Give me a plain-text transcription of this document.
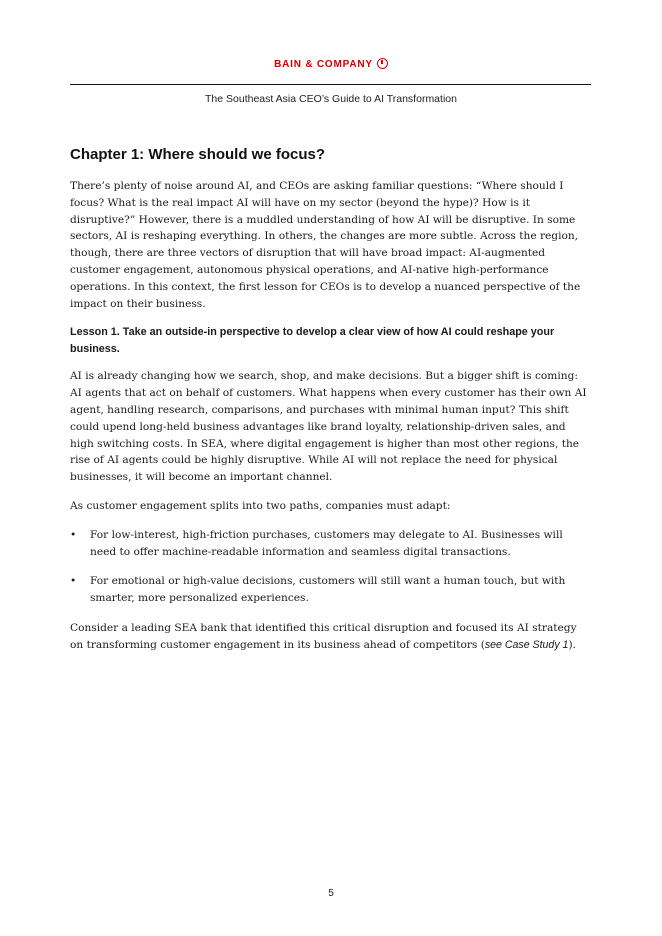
BAIN & COMPANY
The Southeast Asia CEO’s Guide to AI Transformation
Chapter 1: Where should we focus?

There’s plenty of noise around AI, and CEOs are asking familiar questions: “Where should I focus? What is the real impact AI will have on my sector (beyond the hype)? How is it disruptive?” However, there is a muddled understanding of how AI will be disruptive. In some sectors, AI is reshaping everything. In others, the changes are more subtle. Across the region, though, there are three vectors of disruption that will have broad impact: AI-augmented customer engagement, autonomous physical operations, and AI-native high-performance operations. In this context, the first lesson for CEOs is to develop a nuanced perspective of the impact on their business.

Lesson 1. Take an outside-in perspective to develop a clear view of how AI could reshape your business.

AI is already changing how we search, shop, and make decisions. But a bigger shift is coming: AI agents that act on behalf of customers. What happens when every customer has their own AI agent, handling research, comparisons, and purchases with minimal human input? This shift could upend long-held business advantages like brand loyalty, relationship-driven sales, and high switching costs. In SEA, where digital engagement is higher than most other regions, the rise of AI agents could be highly disruptive. While AI will not replace the need for physical businesses, it will become an important channel.

As customer engagement splits into two paths, companies must adapt:

• For low-interest, high-friction purchases, customers may delegate to AI. Businesses will need to offer machine-readable information and seamless digital transactions.
• For emotional or high-value decisions, customers will still want a human touch, but with smarter, more personalized experiences.

Consider a leading SEA bank that identified this critical disruption and focused its AI strategy on transforming customer engagement in its business ahead of competitors (see Case Study 1).

5
